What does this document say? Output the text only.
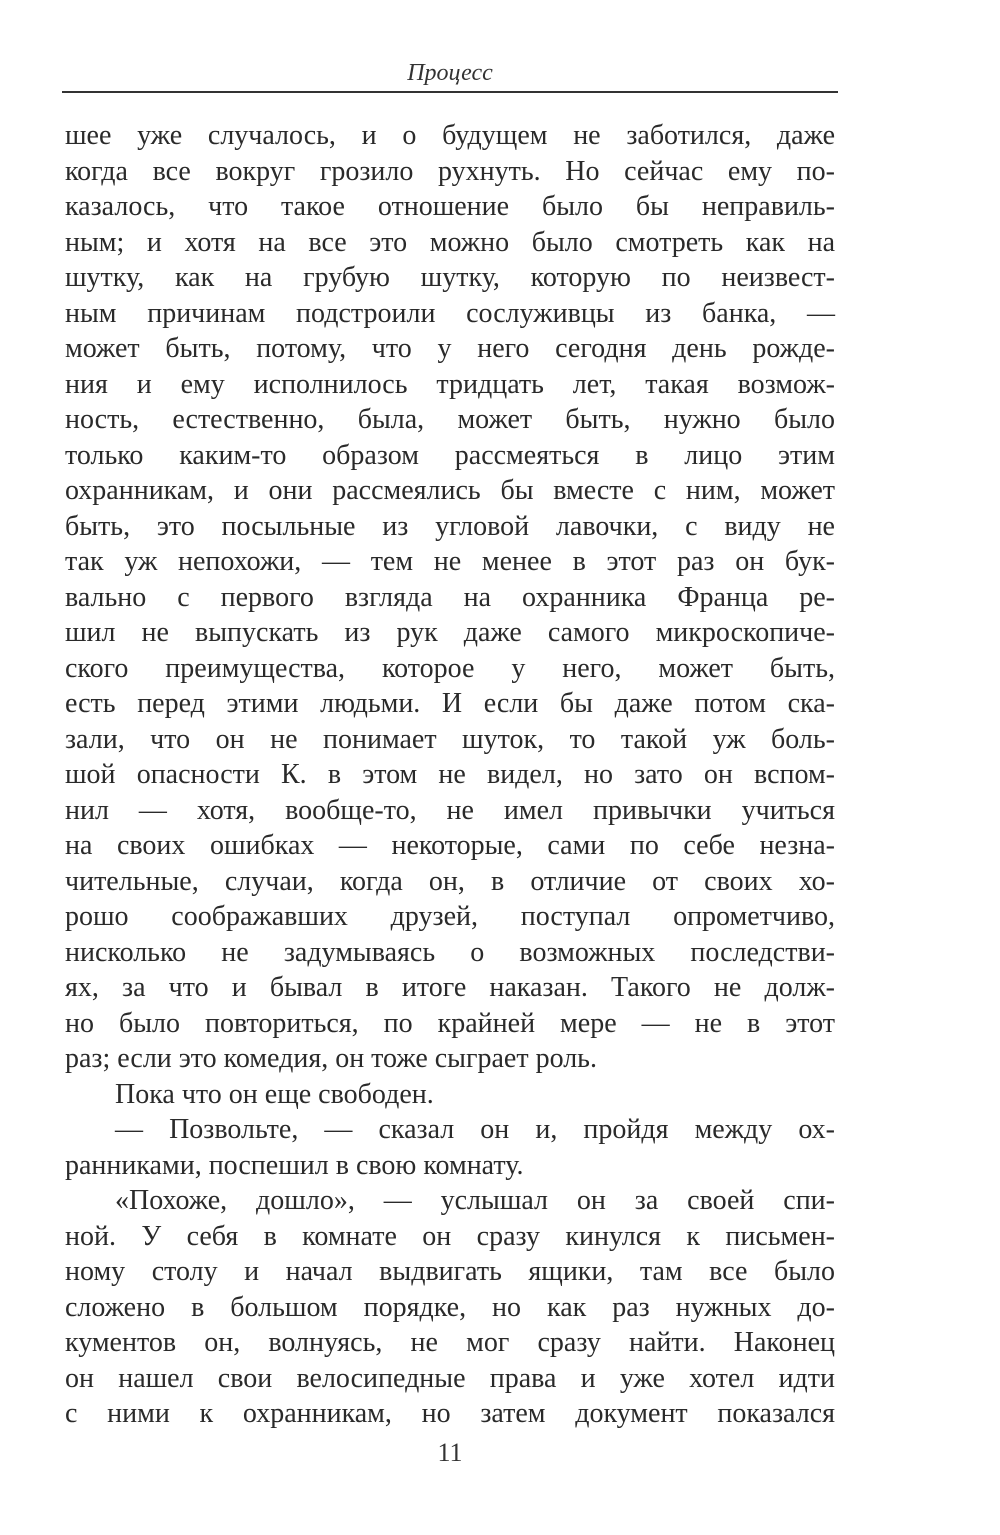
Процесс
шее уже случалось, и о будущем не заботился, даже
когда все вокруг грозило рухнуть. Но сейчас ему по-
казалось, что такое отношение было бы неправиль-
ным; и хотя на все это можно было смотреть как на
шутку, как на грубую шутку, которую по неизвест-
ным причинам подстроили сослуживцы из банка, —
может быть, потому, что у него сегодня день рожде-
ния и ему исполнилось тридцать лет, такая возмож-
ность, естественно, была, может быть, нужно было
только каким-то образом рассмеяться в лицо этим
охранникам, и они рассмеялись бы вместе с ним, может
быть, это посыльные из угловой лавочки, с виду не
так уж непохожи, — тем не менее в этот раз он бук-
вально с первого взгляда на охранника Франца ре-
шил не выпускать из рук даже самого микроскопиче-
ского преимущества, которое у него, может быть,
есть перед этими людьми. И если бы даже потом ска-
зали, что он не понимает шуток, то такой уж боль-
шой опасности К. в этом не видел, но зато он вспом-
нил — хотя, вообще-то, не имел привычки учиться
на своих ошибках — некоторые, сами по себе незна-
чительные, случаи, когда он, в отличие от своих хо-
рошо соображавших друзей, поступал опрометчиво,
нисколько не задумываясь о возможных последстви-
ях, за что и бывал в итоге наказан. Такого не долж-
но было повториться, по крайней мере — не в этот
раз; если это комедия, он тоже сыграет роль.
Пока что он еще свободен.
— Позвольте, — сказал он и, пройдя между ох-
ранниками, поспешил в свою комнату.
«Похоже, дошло», — услышал он за своей спи-
ной. У себя в комнате он сразу кинулся к письмен-
ному столу и начал выдвигать ящики, там все было
сложено в большом порядке, но как раз нужных до-
кументов он, волнуясь, не мог сразу найти. Наконец
он нашел свои велосипедные права и уже хотел идти
с ними к охранникам, но затем документ показался
11
